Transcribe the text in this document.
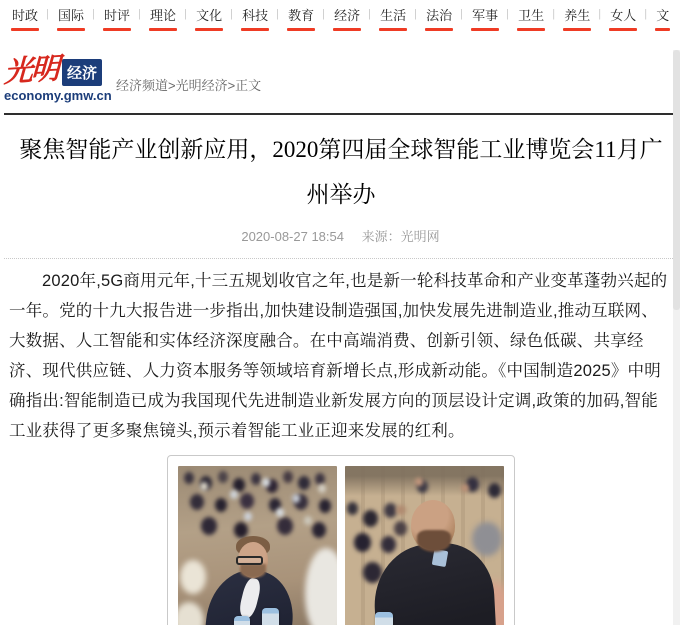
时政 | 国际 | 时评 | 理论 | 文化 | 科技 | 教育 | 经济 | 生活 | 法治 | 军事 | 卫生 | 养生 | 女人 | 文
光明 经济
economy.gmw.cn
经济频道>光明经济>正文
聚焦智能产业创新应用，2020第四届全球智能工业博览会11月广州举办
2020-08-27 18:54 来源：光明网

2020年,5G商用元年,十三五规划收官之年,也是新一轮科技革命和产业变革蓬勃兴起的一年。党的十九大报告进一步指出,加快建设制造强国,加快发展先进制造业,推动互联网、大数据、人工智能和实体经济深度融合。在中高端消费、创新引领、绿色低碳、共享经济、现代供应链、人力资本服务等领域培育新增长点,形成新动能。《中国制造2025》中明确指出:智能制造已成为我国现代先进制造业新发展方向的顶层设计定调,政策的加码,智能工业获得了更多聚焦镜头,预示着智能工业正迎来发展的红利。
